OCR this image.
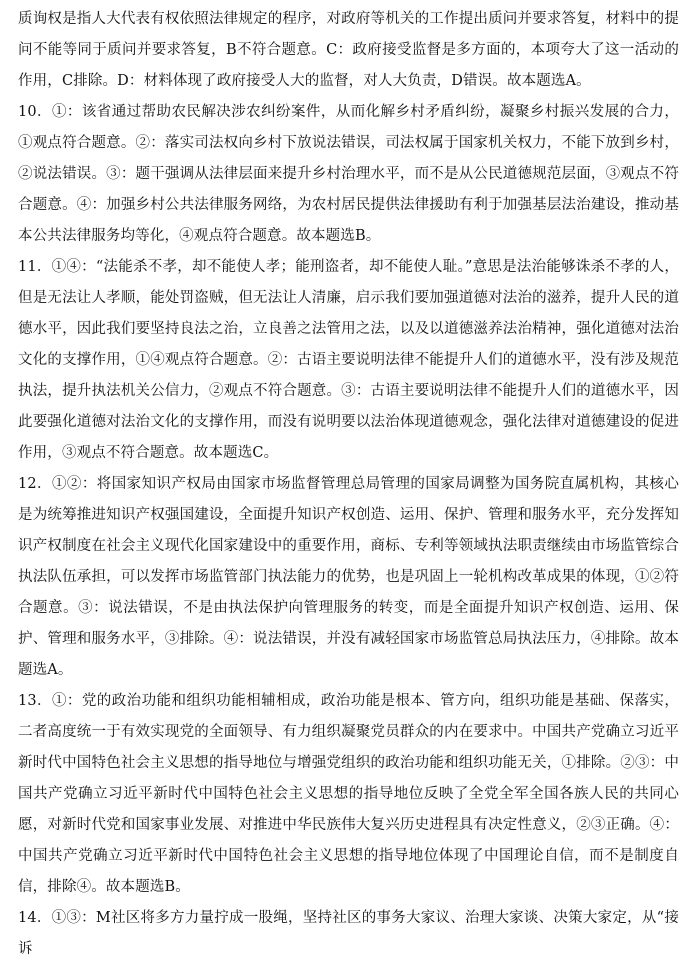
质询权是指人大代表有权依照法律规定的程序，对政府等机关的工作提出质问并要求答复，材料中的提问不能等同于质问并要求答复，B不符合题意。C：政府接受监督是多方面的，本项夸大了这一活动的作用，C排除。D：材料体现了政府接受人大的监督，对人大负责，D错误。故本题选A。

10．①：该省通过帮助农民解决涉农纠纷案件，从而化解乡村矛盾纠纷，凝聚乡村振兴发展的合力，①观点符合题意。②：落实司法权向乡村下放说法错误，司法权属于国家机关权力，不能下放到乡村，②说法错误。③：题干强调从法律层面来提升乡村治理水平，而不是从公民道德规范层面，③观点不符合题意。④：加强乡村公共法律服务网络，为农村居民提供法律援助有利于加强基层法治建设，推动基本公共法律服务均等化，④观点符合题意。故本题选B。

11．①④：“法能杀不孝，却不能使人孝；能刑盗者，却不能使人耻。”意思是法治能够诛杀不孝的人，但是无法让人孝顺，能处罚盗贼，但无法让人清廉，启示我们要加强道德对法治的滋养，提升人民的道德水平，因此我们要坚持良法之治，立良善之法管用之法，以及以道德滋养法治精神，强化道德对法治文化的支撑作用，①④观点符合题意。②：古语主要说明法律不能提升人们的道德水平，没有涉及规范执法，提升执法机关公信力，②观点不符合题意。③：古语主要说明法律不能提升人们的道德水平，因此要强化道德对法治文化的支撑作用，而没有说明要以法治体现道德观念，强化法律对道德建设的促进作用，③观点不符合题意。故本题选C。

12．①②：将国家知识产权局由国家市场监督管理总局管理的国家局调整为国务院直属机构，其核心是为统筹推进知识产权强国建设，全面提升知识产权创造、运用、保护、管理和服务水平，充分发挥知识产权制度在社会主义现代化国家建设中的重要作用，商标、专利等领域执法职责继续由市场监管综合执法队伍承担，可以发挥市场监管部门执法能力的优势，也是巩固上一轮机构改革成果的体现，①②符合题意。③：说法错误，不是由执法保护向管理服务的转变，而是全面提升知识产权创造、运用、保护、管理和服务水平，③排除。④：说法错误，并没有减轻国家市场监管总局执法压力，④排除。故本题选A。

13．①：党的政治功能和组织功能相辅相成，政治功能是根本、管方向，组织功能是基础、保落实，二者高度统一于有效实现党的全面领导、有力组织凝聚党员群众的内在要求中。中国共产党确立习近平新时代中国特色社会主义思想的指导地位与增强党组织的政治功能和组织功能无关，①排除。②③：中国共产党确立习近平新时代中国特色社会主义思想的指导地位反映了全党全军全国各族人民的共同心愿，对新时代党和国家事业发展、对推进中华民族伟大复兴历史进程具有决定性意义，②③正确。④：中国共产党确立习近平新时代中国特色社会主义思想的指导地位体现了中国理论自信，而不是制度自信，排除④。故本题选B。

14．①③：M社区将多方力量拧成一股绳，坚持社区的事务大家议、治理大家谈、决策大家定，从“接诉
